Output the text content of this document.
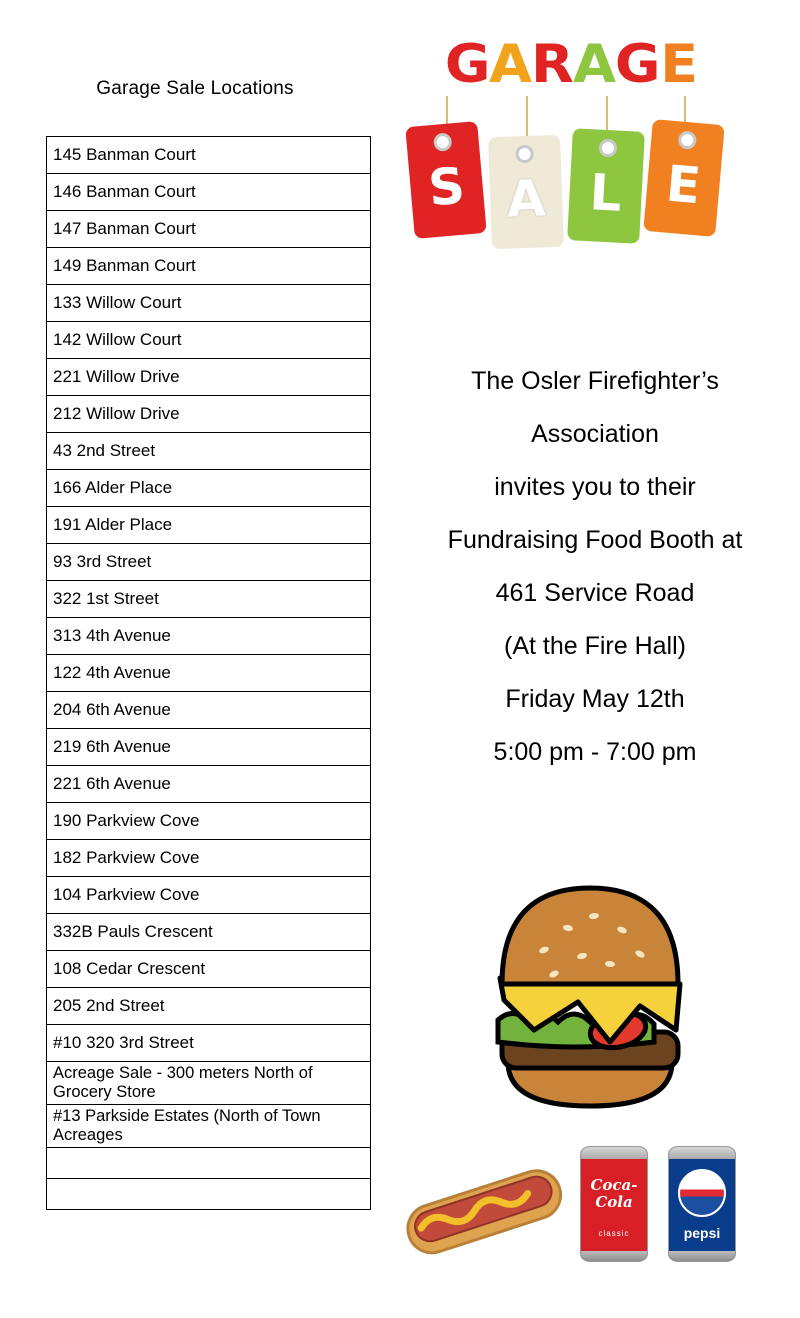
Garage Sale Locations
145 Banman Court
146 Banman Court
147 Banman Court
149 Banman Court
133 Willow Court
142 Willow Court
221 Willow Drive
212 Willow Drive
43 2nd Street
166 Alder Place
191 Alder Place
93 3rd Street
322 1st Street
313 4th Avenue
122 4th Avenue
204 6th Avenue
219 6th Avenue
221 6th Avenue
190 Parkview Cove
182 Parkview Cove
104 Parkview Cove
332B Pauls Crescent
108 Cedar Crescent
205 2nd Street
#10 320 3rd Street
Acreage Sale - 300 meters North of Grocery Store
#13 Parkside Estates (North of Town Acreages

GARAGE
S A L E
The Osler Firefighter’s
Association
invites you to their
Fundraising Food Booth at
461 Service Road
(At the Fire Hall)
Friday May 12th
5:00 pm - 7:00 pm
Coca-Cola
classic	pepsi
